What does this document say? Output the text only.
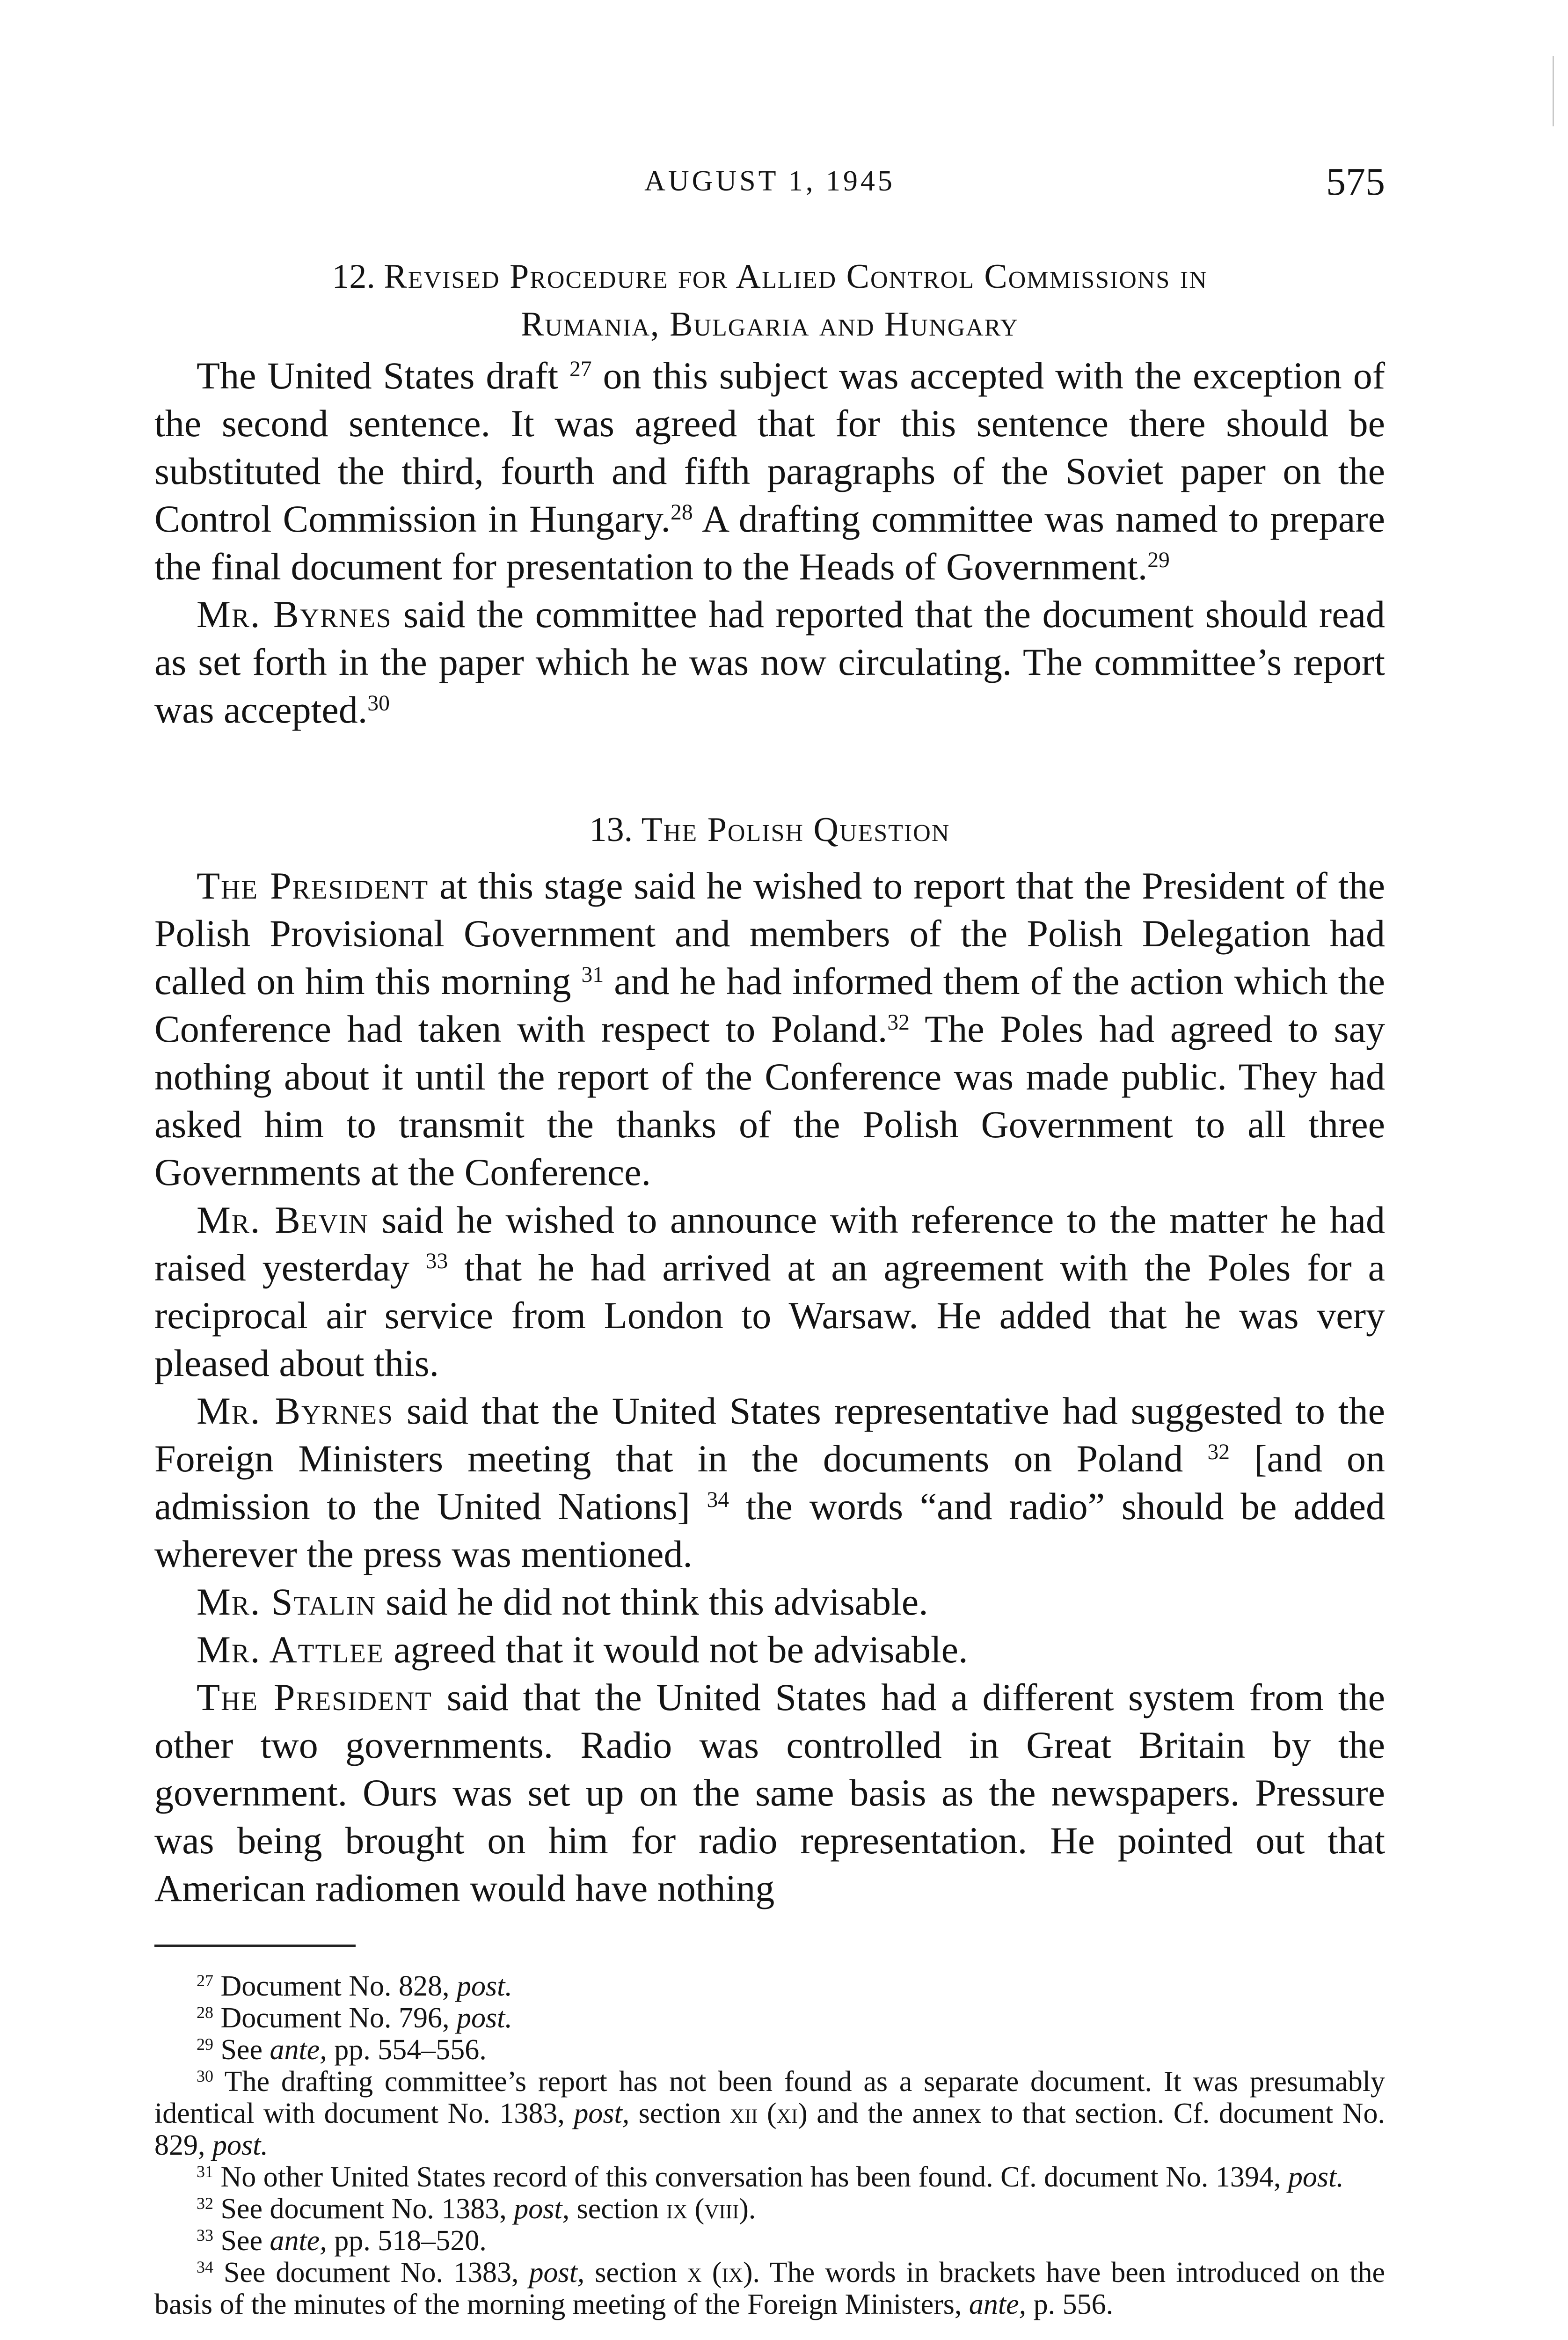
AUGUST 1, 1945	575
12. Revised Procedure for Allied Control Commissions in
Rumania, Bulgaria and Hungary

The United States draft $^{27}$ on this subject was accepted with the exception of the second sentence. It was agreed that for this sentence there should be substituted the third, fourth and fifth paragraphs of the Soviet paper on the Control Commission in Hungary.$^{28}$ A drafting committee was named to prepare the final document for presentation to the Heads of Government.$^{29}$

Mr. Byrnes said the committee had reported that the document should read as set forth in the paper which he was now circulating. The committee’s report was accepted.$^{30}$

13. The Polish Question

The President at this stage said he wished to report that the President of the Polish Provisional Government and members of the Polish Delegation had called on him this morning $^{31}$ and he had informed them of the action which the Conference had taken with respect to Poland.$^{32}$ The Poles had agreed to say nothing about it until the report of the Conference was made public. They had asked him to transmit the thanks of the Polish Government to all three Governments at the Conference.

Mr. Bevin said he wished to announce with reference to the matter he had raised yesterday $^{33}$ that he had arrived at an agreement with the Poles for a reciprocal air service from London to Warsaw. He added that he was very pleased about this.

Mr. Byrnes said that the United States representative had suggested to the Foreign Ministers meeting that in the documents on Poland $^{32}$ [and on admission to the United Nations] $^{34}$ the words “and radio” should be added wherever the press was mentioned.

Mr. Stalin said he did not think this advisable.

Mr. Attlee agreed that it would not be advisable.

The President said that the United States had a different system from the other two governments. Radio was controlled in Great Britain by the government. Ours was set up on the same basis as the newspapers. Pressure was being brought on him for radio representation. He pointed out that American radiomen would have nothing

$^{27}$ Document No. 828, post.

$^{28}$ Document No. 796, post.

$^{29}$ See ante, pp. 554–556.

$^{30}$ The drafting committee’s report has not been found as a separate document. It was presumably identical with document No. 1383, post, section xii (xi) and the annex to that section. Cf. document No. 829, post.

$^{31}$ No other United States record of this conversation has been found. Cf. document No. 1394, post.

$^{32}$ See document No. 1383, post, section ix (viii).

$^{33}$ See ante, pp. 518–520.

$^{34}$ See document No. 1383, post, section x (ix). The words in brackets have been introduced on the basis of the minutes of the morning meeting of the Foreign Ministers, ante, p. 556.
